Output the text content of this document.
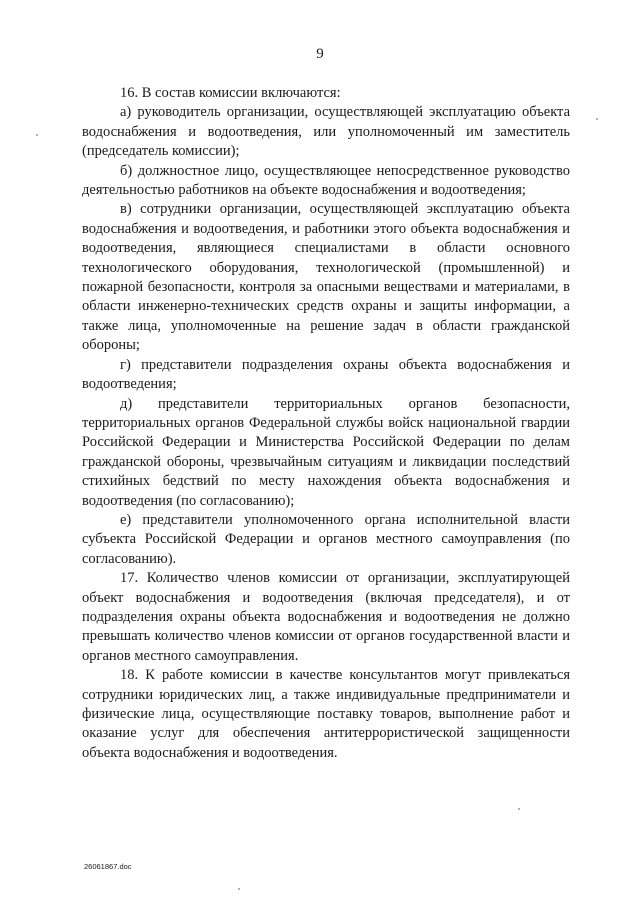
9

16. В состав комиссии включаются:

а) руководитель организации, осуществляющей эксплуатацию объекта водоснабжения и водоотведения, или уполномоченный им заместитель (председатель комиссии);

б) должностное лицо, осуществляющее непосредственное руководство деятельностью работников на объекте водоснабжения и водоотведения;

в) сотрудники организации, осуществляющей эксплуатацию объекта водоснабжения и водоотведения, и работники этого объекта водоснабжения и водоотведения, являющиеся специалистами в области основного технологического оборудования, технологической (промышленной) и пожарной безопасности, контроля за опасными веществами и материалами, в области инженерно-технических средств охраны и защиты информации, а также лица, уполномоченные на решение задач в области гражданской обороны;

г) представители подразделения охраны объекта водоснабжения и водоотведения;

д) представители территориальных органов безопасности, территориальных органов Федеральной службы войск национальной гвардии Российской Федерации и Министерства Российской Федерации по делам гражданской обороны, чрезвычайным ситуациям и ликвидации последствий стихийных бедствий по месту нахождения объекта водоснабжения и водоотведения (по согласованию);

е) представители уполномоченного органа исполнительной власти субъекта Российской Федерации и органов местного самоуправления (по согласованию).

17. Количество членов комиссии от организации, эксплуатирующей объект водоснабжения и водоотведения (включая председателя), и от подразделения охраны объекта водоснабжения и водоотведения не должно превышать количество членов комиссии от органов государственной власти и органов местного самоуправления.

18. К работе комиссии в качестве консультантов могут привлекаться сотрудники юридических лиц, а также индивидуальные предприниматели и физические лица, осуществляющие поставку товаров, выполнение работ и оказание услуг для обеспечения антитеррористической защищенности объекта водоснабжения и водоотведения.

26061867.doc
